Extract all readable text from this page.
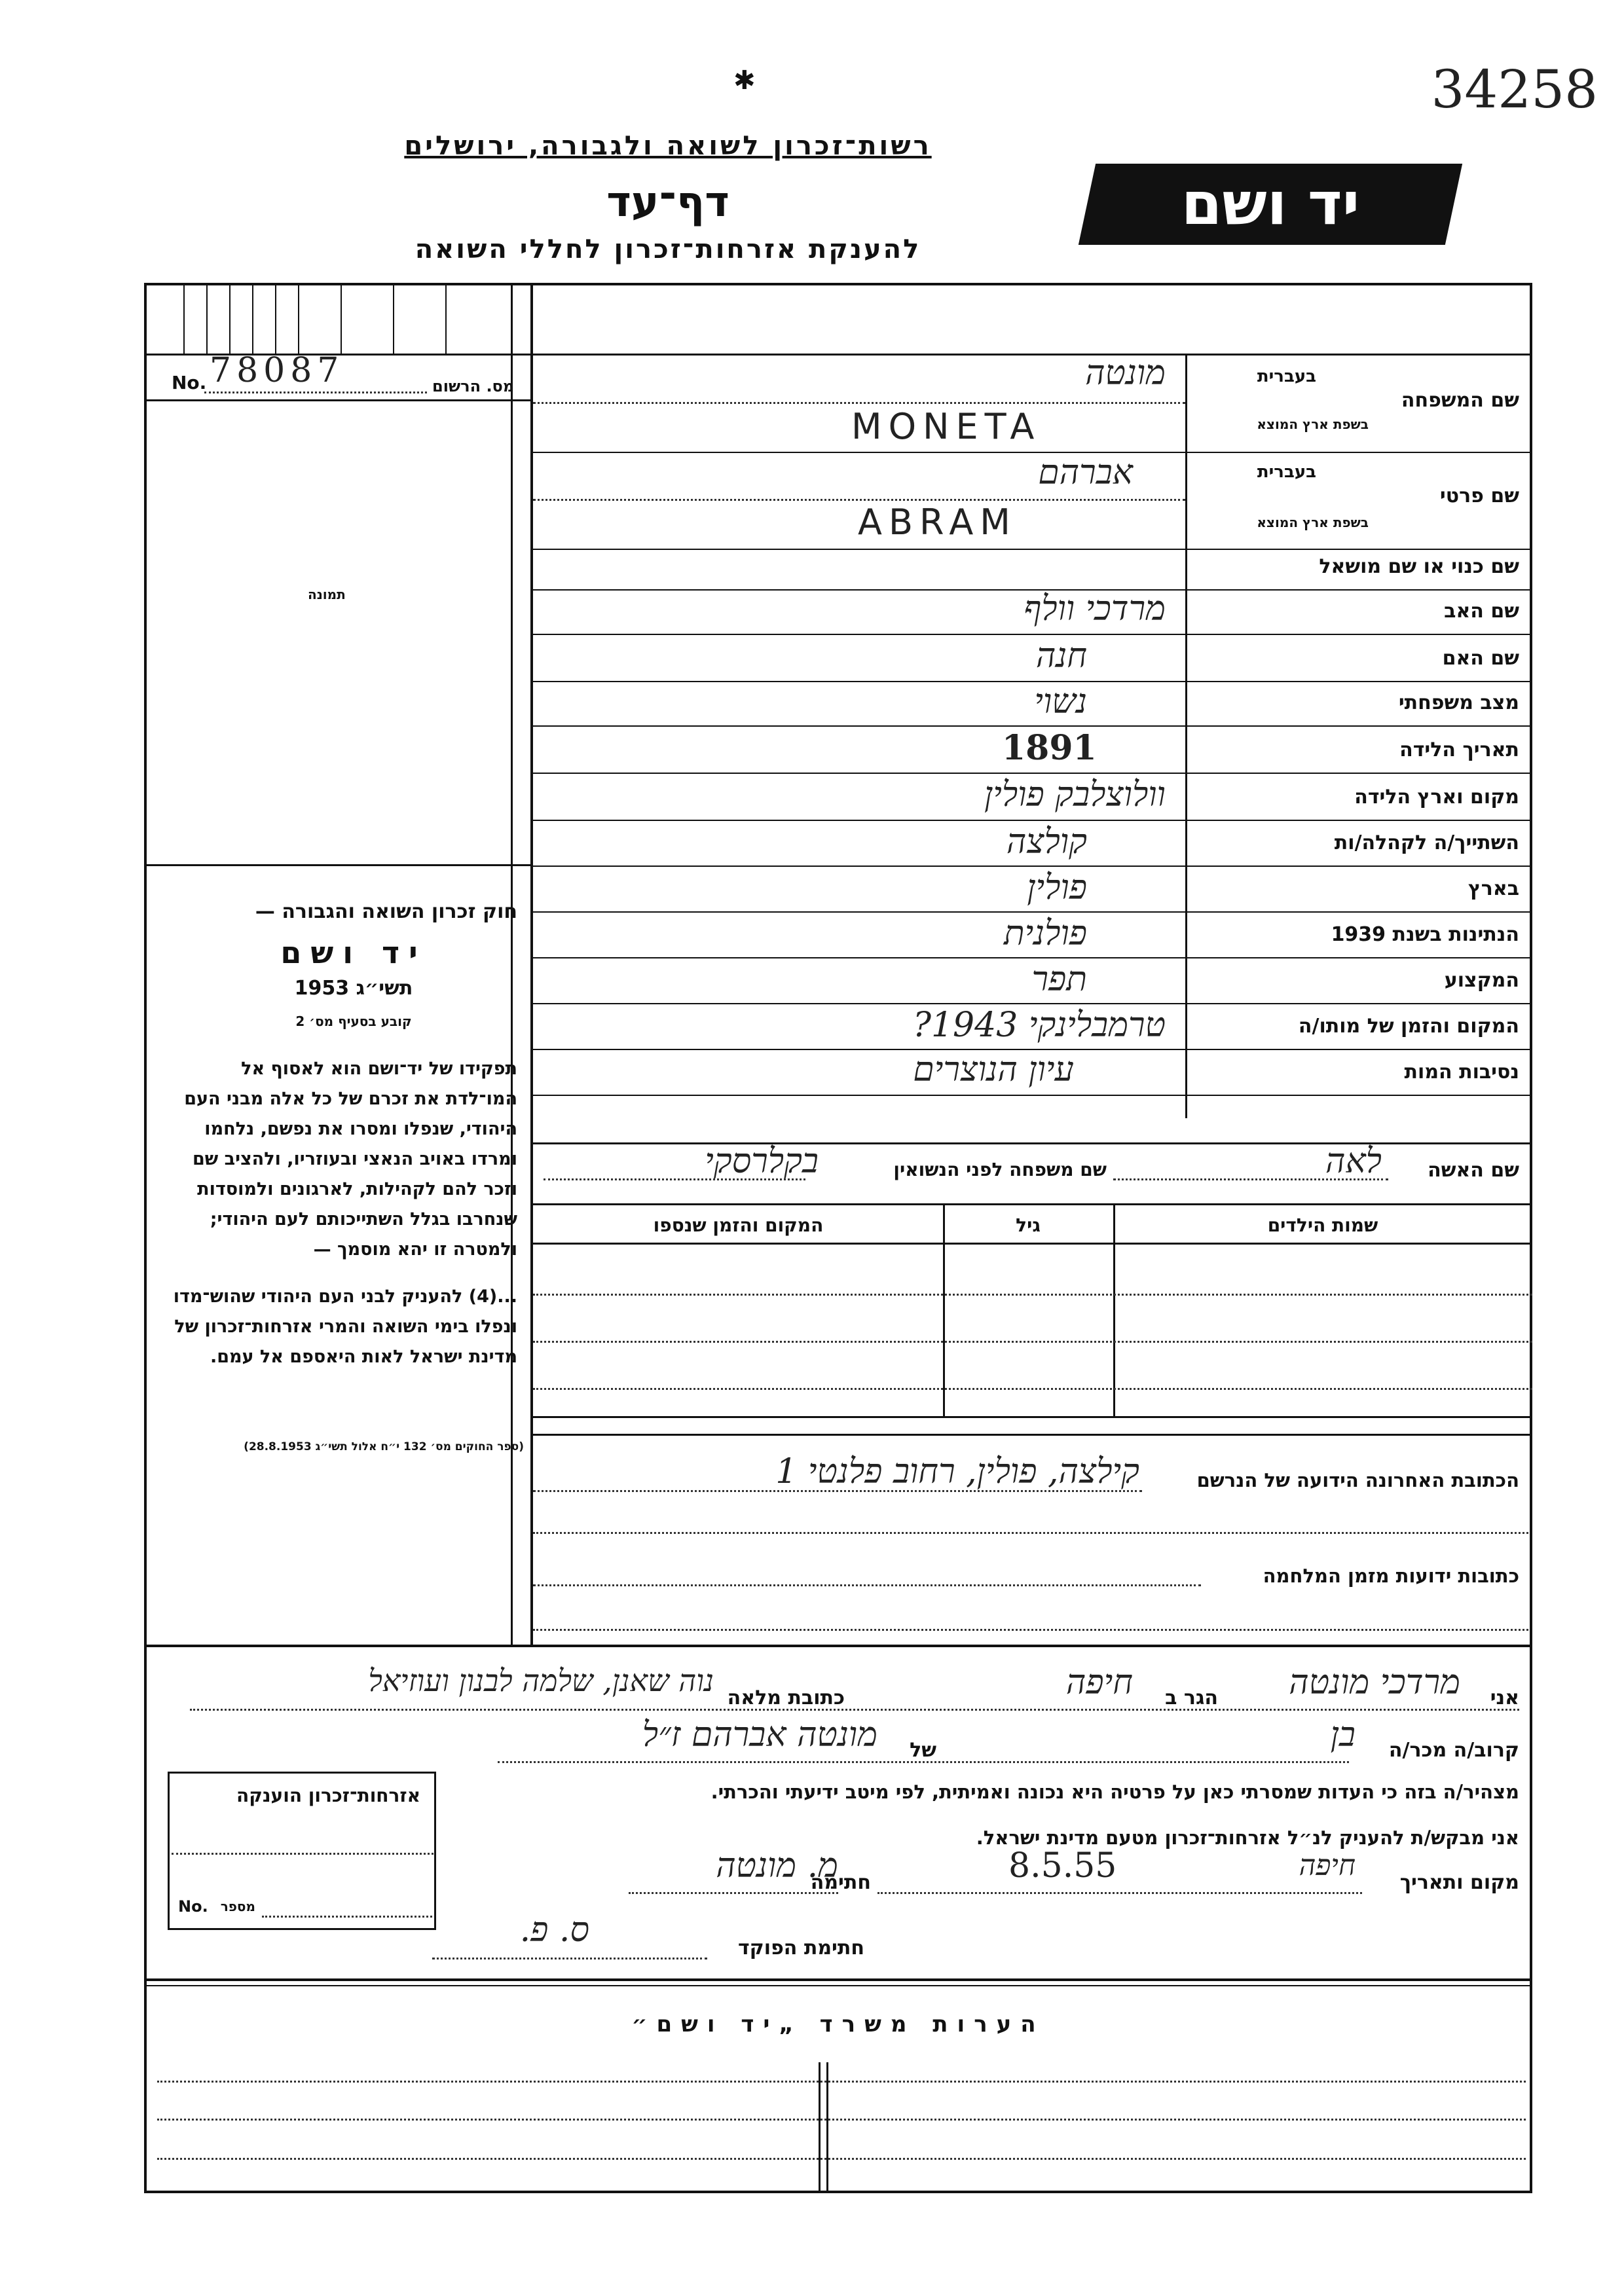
34258
✱
רשות־זכרון לשואה ולגבורה, ירושלים
דף־עד
להענקת אזרחות־זכרון לחללי השואה
יד ושם
No. 78087	מס. הרשום
תמונה
חוק זכרון השואה והגבורה —
יד ושם
תשי״ג 1953
קובע בסעיף מס׳ 2
תפקידו של יד־ושם הוא לאסוף אל המו־לדת את זכרם של כל אלה מבני העם היהודי, שנפלו ומסרו את נפשם, נלחמו ומרדו באויב הנאצי ובעוזריו, ולהציב שם וזכר להם לקהילות, לארגונים ולמוסדות שנחרבו בגלל השתייכותם לעם היהודי; ולמטרה זו יהא מוסמך —
...(4) להעניק לבני העם היהודי שהוש־מדו ונפלו בימי השואה והמרי אזרחות־זכרון של מדינת ישראל לאות היאספם אל עמם.
(ספר החוקים מס׳ 132 י״ח אלול תשי״ג 28.8.1953)
שם המשפחה
בעברית
בשפת ארץ המוצא
מונטה
MONETA
שם פרטי
בעברית
בשפת ארץ המוצא
אברהם
ABRAM
שם כנוי או שם מושאל
שם האב
מרדכי וולף
שם האם
חנה
מצב משפחתי
נשוי
תאריך הלידה
1891
מקום וארץ הלידה
וולוצלבק פולין
השתייך/ה לקהלה/ות
קולצה
בארץ
פולין
הנתינות בשנת 1939
פולנית
המקצוע
תפר
המקום והזמן של מותו/ה
טרמבלינקי 1943?
נסיבות המות
עיון הנוצרים
שם האשה
לאה
שם משפחה לפני הנשואין
בקלרסקי
שמות הילדים
גיל
המקום והזמן שנספו
הכתובת האחרונה הידועה של הנרשם
קילצה, פולין, רחוב פלנטי 1
כתובות ידועות מזמן המלחמה
אני
מרדכי מונטה
הגר ב
חיפה
כתובת מלאה
נוה שאנן, שלמה לבנון ועוזיאל
קרוב/ה מכר/ה
בן
של
מונטה אברהם ז״ל
מצהיר/ה בזה כי העדות שמסרתי כאן על פרטיה היא נכונה ואמיתית, לפי מיטב ידיעתי והכרתי.
אני מבקש/ת להעניק לנ״ל אזרחות־זכרון מטעם מדינת ישראל.
מקום ותאריך
חיפה
8.5.55
חתימה
מ. מונטה
חתימת הפוקד
ס. פ.
אזרחות־זכרון הוענקה
No. מספר
הערות משרד „יד ושם״
